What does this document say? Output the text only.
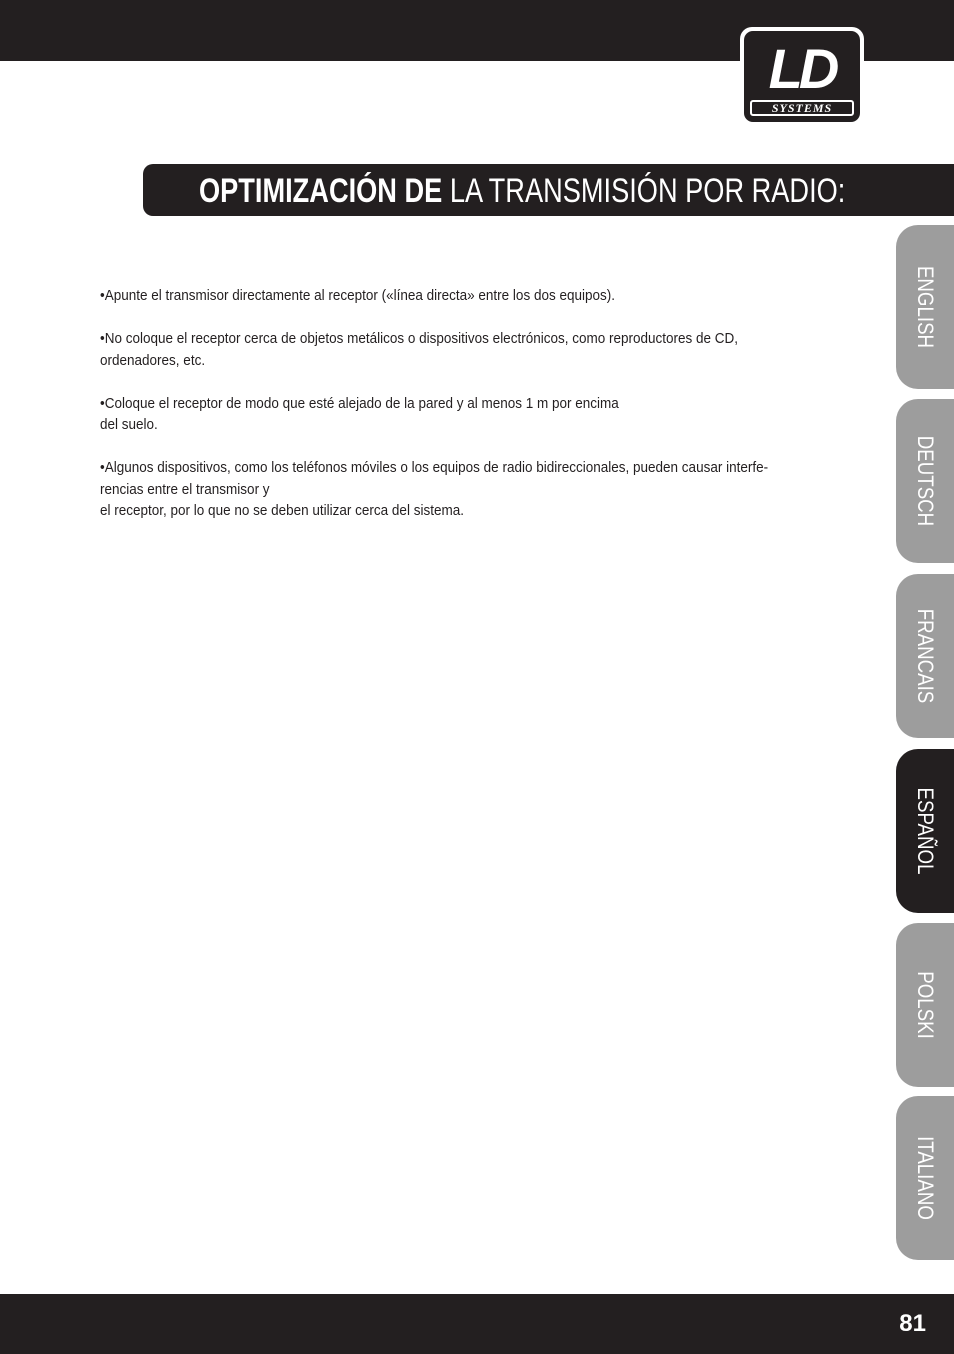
LD
SYSTEMS
OPTIMIZACIÓN DE LA TRANSMISIÓN POR RADIO:
•Apunte el transmisor directamente al receptor («línea directa» entre los dos equipos).
•No coloque el receptor cerca de objetos metálicos o dispositivos electrónicos, como reproductores de CD,
ordenadores, etc.
•Coloque el receptor de modo que esté alejado de la pared y al menos 1 m por encima
del suelo.
•Algunos dispositivos, como los teléfonos móviles o los equipos de radio bidireccionales, pueden causar interfe-
rencias entre el transmisor y
el receptor, por lo que no se deben utilizar cerca del sistema.
ENGLISH
DEUTSCH
FRANCAIS
ESPAÑOL
POLSKI
ITALIANO
81
